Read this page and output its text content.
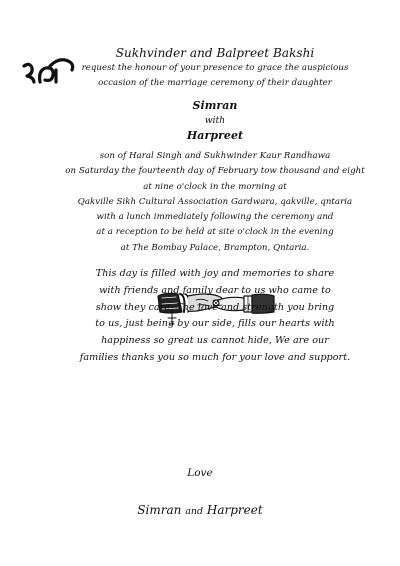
Sukhvinder and Balpreet Bakshi
request the honour of your presence to grace the auspicious
occasion of the marriage ceremony of their daughter
Simran
with
Harpreet
son of Haral Singh and Sukhwinder Kaur Randhawa
on Saturday the fourteenth day of February tow thousand and eight
at nine o'clock in the morning at
Qakville Sikh Cultural Association Gardwara, qakville, qntaria
with a lunch immediately following the ceremony and
at a reception to be held at site o'clock in the evening
at The Bombay Palace, Brampton, Qntaria.
This day is filled with joy and memories to share
with friends and family dear to us who came to
show they care. The love and strength you bring
to us, just being by our side, fills our hearts with
happiness so great us cannot hide, We are our
families thanks you so much for your love and support.
Love
Simran and Harpreet
